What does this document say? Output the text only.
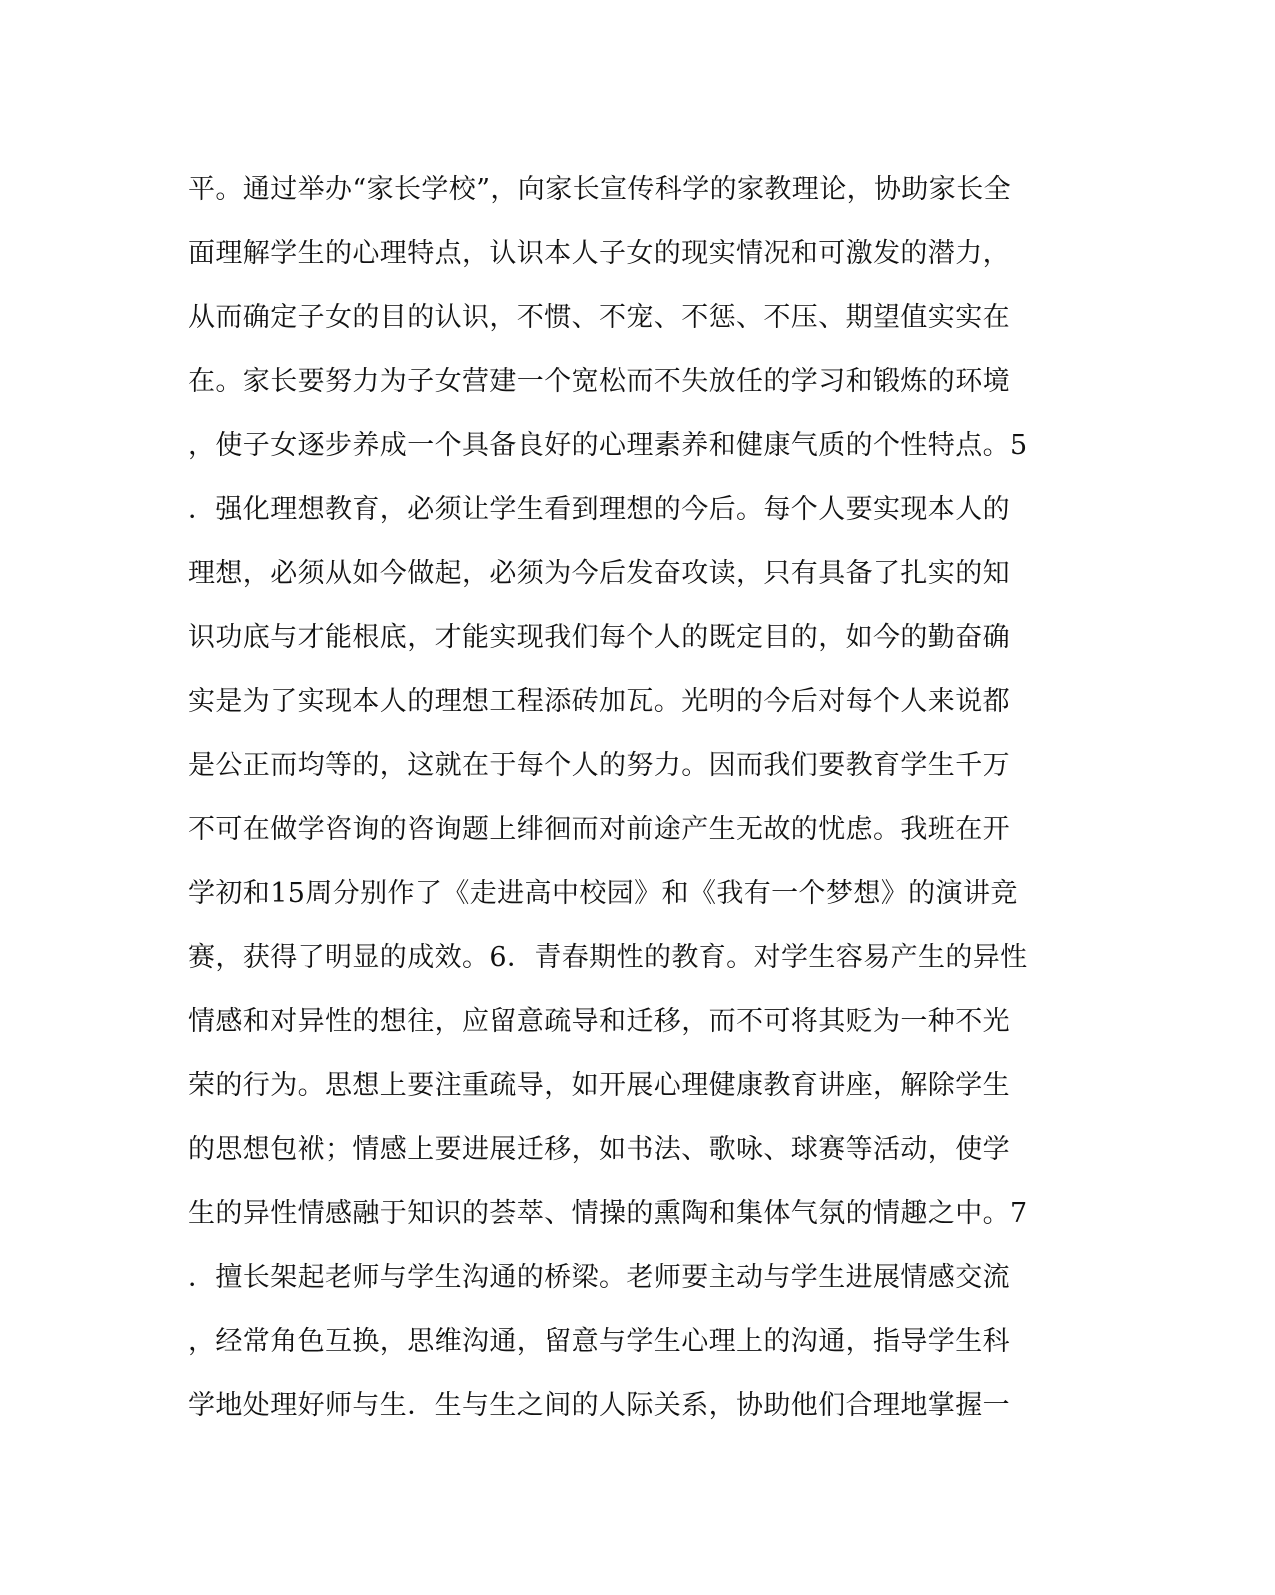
平。通过举办“家长学校”，向家长宣传科学的家教理论，协助家长全
面理解学生的心理特点，认识本人子女的现实情况和可激发的潜力，
从而确定子女的目的认识，不惯、不宠、不惩、不压、期望值实实在
在。家长要努力为子女营建一个宽松而不失放任的学习和锻炼的环境
，使子女逐步养成一个具备良好的心理素养和健康气质的个性特点。5
．强化理想教育，必须让学生看到理想的今后。每个人要实现本人的
理想，必须从如今做起，必须为今后发奋攻读，只有具备了扎实的知
识功底与才能根底，才能实现我们每个人的既定目的，如今的勤奋确
实是为了实现本人的理想工程添砖加瓦。光明的今后对每个人来说都
是公正而均等的，这就在于每个人的努力。因而我们要教育学生千万
不可在做学咨询的咨询题上绯徊而对前途产生无故的忧虑。我班在开
学初和15周分别作了《走进高中校园》和《我有一个梦想》的演讲竞
赛，获得了明显的成效。6．青春期性的教育。对学生容易产生的异性
情感和对异性的想往，应留意疏导和迁移，而不可将其贬为一种不光
荣的行为。思想上要注重疏导，如开展心理健康教育讲座，解除学生
的思想包袱；情感上要进展迁移，如书法、歌咏、球赛等活动，使学
生的异性情感融于知识的荟萃、情操的熏陶和集体气氛的情趣之中。7
．擅长架起老师与学生沟通的桥梁。老师要主动与学生进展情感交流
，经常角色互换，思维沟通，留意与学生心理上的沟通，指导学生科
学地处理好师与生．生与生之间的人际关系，协助他们合理地掌握一
